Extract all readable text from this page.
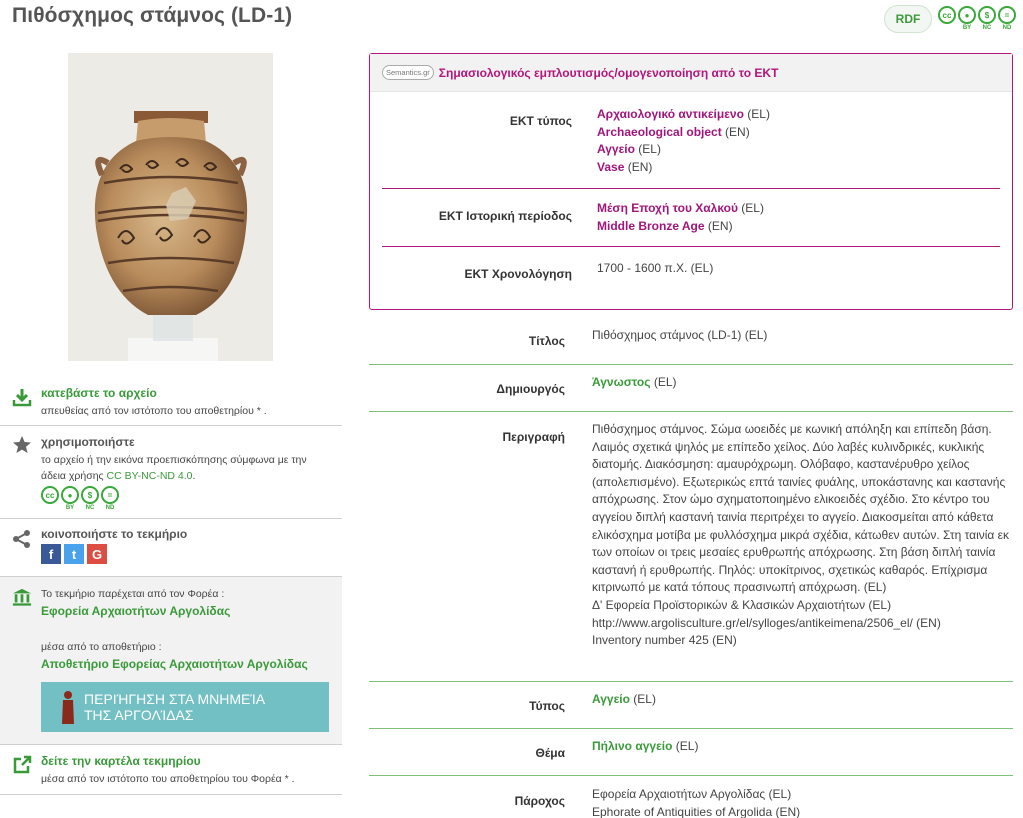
Πιθόσχημος στάμνος (LD-1)	RDF	cc
	●
BY
$
NC
=
ND
κατεβάστε το αρχείο
απευθείας από τον ιστότοπο του αποθετηρίου * .
χρησιμοποιήστε
το αρχείο ή την εικόνα προεπισκόπησης σύμφωνα με την άδεια χρήσης CC BY-NC-ND 4.0.
cc
	●
BY
$
NC
=
ND
κοινοποιήστε το τεκμήριο
f	t	G
Το τεκμήριο παρέχεται από τον Φορέα :
Εφορεία Αρχαιοτήτων Αργολίδας
μέσα από το αποθετήριο :
Αποθετήριο Εφορείας Αρχαιοτήτων Αργολίδας
ΠΕΡΙΉΓΗΣΗ ΣΤΑ ΜΝΗΜΕΊΑ
ΤΗΣ ΑΡΓΟΛΊΔΑΣ
δείτε την καρτέλα τεκμηρίου
μέσα από τον ιστότοπο του αποθετηρίου του Φορέα * .
Semantics.gr Σημασιολογικός εμπλουτισμός/ομογενοποίηση από το ΕΚΤ
ΕΚΤ τύπος Αρχαιολογικό αντικείμενο (EL)
Archaeological object (EN)
Αγγείο (EL)
Vase (EN)
ΕΚΤ Ιστορική περίοδος
Μέση Εποχή του Χαλκού (EL)
Middle Bronze Age (EN)
ΕΚΤ Χρονολόγηση 1700 - 1600 π.Χ. (EL)
Τίτλος Πιθόσχημος στάμνος (LD-1) (EL)
Δημιουργός Άγνωστος (EL)
Περιγραφή
Πιθόσχημος στάμνος. Σώμα ωοειδές με κωνική απόληξη και επίπεδη βάση. Λαιμός σχετικά ψηλός με επίπεδο χείλος. Δύο λαβές κυλινδρικές, κυκλικής διατομής. Διακόσμηση: αμαυρόχρωμη. Ολόβαφο, καστανέρυθρο χείλος (απολεπισμένο). Εξωτερικώς επτά ταινίες φυάλης, υποκάστανης και καστανής απόχρωσης. Στον ώμο σχηματοποιημένο ελικοειδές σχέδιο. Στο κέντρο του αγγείου διπλή καστανή ταινία περιτρέχει το αγγείο. Διακοσμείται από κάθετα ελικόσχημα μοτίβα με φυλλόσχημα μικρά σχέδια, κάτωθεν αυτών. Στη ταινία εκ των οποίων οι τρεις μεσαίες ερυθρωπής απόχρωσης. Στη βάση διπλή ταινία καστανή ή ερυθρωπής. Πηλός: υποκίτρινος, σχετικώς καθαρός. Επίχρισμα κιτρινωπό με κατά τόπους πρασινωπή απόχρωση. (EL)
Δ' Εφορεία Προϊστορικών & Κλασικών Αρχαιοτήτων (EL)
http://www.argolisculture.gr/el/sylloges/antikeimena/2506_el/ (EN)
Inventory number 425 (EN)
Τύπος Αγγείο (EL)
Θέμα Πήλινο αγγείο (EL)
Πάροχος Εφορεία Αρχαιοτήτων Αργολίδας (EL)
Ephorate of Antiquities of Argolida (EN)
